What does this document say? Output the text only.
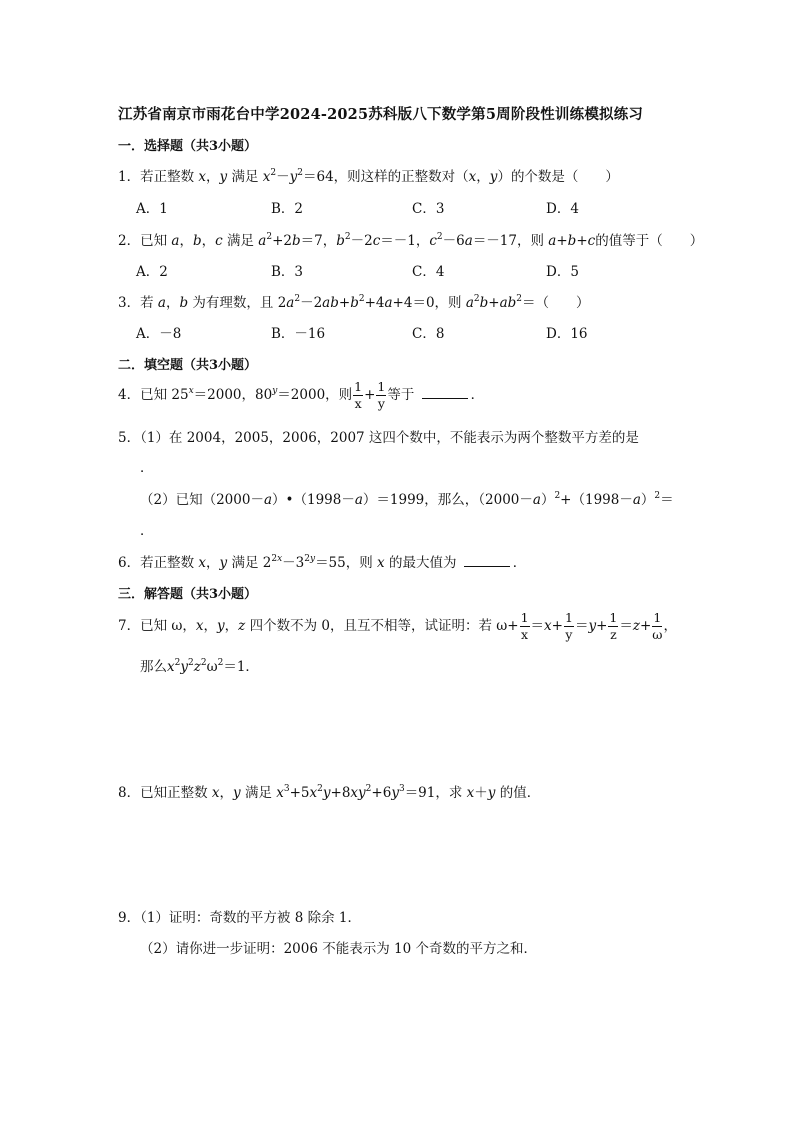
江苏省南京市雨花台中学2024-2025苏科版八下数学第5周阶段性训练模拟练习
一．选择题（共3小题）
1．若正整数 x，y 满足 $x^2-y^2=64$，则这样的正整数对（x，y）的个数是（　　）
A．1	B．2	C．3	D．4
2．已知 a，b，c 满足 $a^2+2b=7$，$b^2-2c=-1$，$c^2-6a=-17$，则 a+b+c的值等于（　　）
A．2	B．3	C．4	D．5
3．若 a，b 为有理数，且 $2a^2-2ab+b^2+4a+4=0$，则 $a^2b+ab^2=$（　　）
A．－8	B．－16	C．8	D．16
二．填空题（共3小题）
4．已知 $25^x=2000$，$80^y=2000$，则 $\frac{1}{x} + \frac{1}{y}$ 等于	．
5．（1）在 2004，2005，2006，2007 这四个数中，不能表示为两个整数平方差的是
．
（2）已知（2000－a）•（1998－a）＝1999，那么，$(2000-a)^2+(1998-a)^2=$
．
6．若正整数 x，y 满足 $2^{2x}-3^{2y}=55$，则 x 的最大值为	．
三．解答题（共3小题）
7．已知 ω，x，y，z 四个数不为 0，且互不相等，试证明：若 $\omega+ \frac{1}{x} =x+ \frac{1}{y} =y+ \frac{1}{z} =z+ \frac{1}{\omega}$ ，
那么$x^2y^2z^2\omega^2=1$．
8．已知正整数 x，y 满足 $x^3+5x^2y+8xy^2+6y^3=91$，求 x＋y 的值．
9．（1）证明：奇数的平方被 8 除余 1．
（2）请你进一步证明：2006 不能表示为 10 个奇数的平方之和．
